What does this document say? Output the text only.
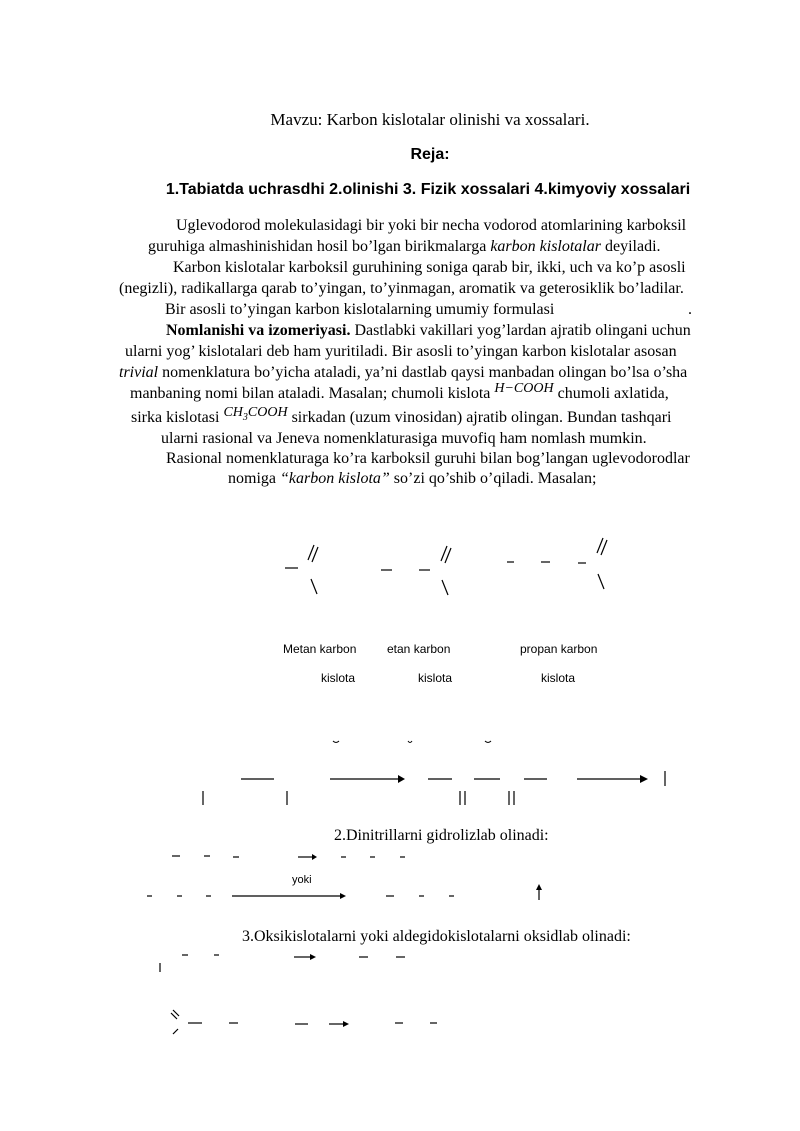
Mavzu: Karbon kislotalar olinishi va xossalari.
Reja:
1.Tabiatda uchrasdhi 2.olinishi 3. Fizik xossalari 4.kimyoviy xossalari
Uglevodorod molekulasidagi bir yoki bir necha vodorod atomlarining karboksil
guruhiga almashinishidan hosil bo’lgan birikmalarga karbon kislotalar deyiladi.
Karbon kislotalar karboksil guruhining soniga qarab bir, ikki, uch va ko’p asosli
(negizli), radikallarga qarab to’yingan, to’yinmagan, aromatik va geterosiklik bo’ladilar.
Bir asosli to’yingan karbon kislotalarning umumiy formulasi	.
Nomlanishi va izomeriyasi. Dastlabki vakillari yog’lardan ajratib olingani uchun
ularni yog’ kislotalari deb ham yuritiladi. Bir asosli to’yingan karbon kislotalar asosan
trivial nomenklatura bo’yicha ataladi, ya’ni dastlab qaysi manbadan olingan bo’lsa o’sha
manbaning nomi bilan ataladi. Masalan; chumoli kislota H−COOH chumoli axlatida,
sirka kislotasi $CH_3COOH$ sirkadan (uzum vinosidan) ajratib olingan. Bundan tashqari
ularni rasional va Jeneva nomenklaturasiga muvofiq ham nomlash mumkin.
Rasional nomenklaturaga ko’ra karboksil guruhi bilan bog’langan uglevodorodlar
nomiga “karbon kislota” so’zi qo’shib o’qiladi. Masalan;
Metan karbon
kislota
etan karbon
kislota
propan karbon
kislota
2.Dinitrillarni gidrolizlab olinadi:
yoki
3.Oksikislotalarni yoki aldegidokislotalarni oksidlab olinadi:
